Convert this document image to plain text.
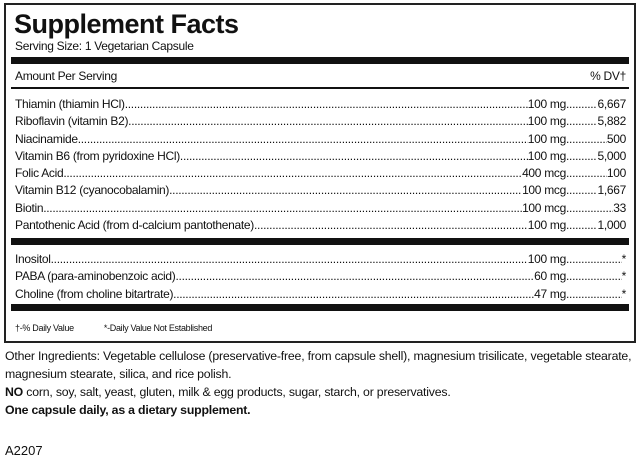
Supplement Facts
Serving Size: 1 Vegetarian Capsule
Amount Per Serving	% DV†
Thiamin (thiamin HCl) .....	100 mg .....	6,667
Riboflavin (vitamin B2) .....	100 mg .....	5,882
Niacinamide .....	100 mg .....	500
Vitamin B6 (from pyridoxine HCl) .....	100 mg .....	5,000
Folic Acid .....	400 mcg .....	100
Vitamin B12 (cyanocobalamin) .....	100 mcg .....	1,667
Biotin .....	100 mcg .....	33
Pantothenic Acid (from d-calcium pantothenate) .....	100 mg .....	1,000
Inositol .....	100 mg .....	*
PABA (para-aminobenzoic acid) .....	60 mg .....	*
Choline (from choline bitartrate) .....	47 mg .....	*
†-% Daily Value	*-Daily Value Not Established
Other Ingredients: Vegetable cellulose (preservative-free, from capsule shell), magnesium trisilicate, vegetable stearate, magnesium stearate, silica, and rice polish.
NO corn, soy, salt, yeast, gluten, milk & egg products, sugar, starch, or preservatives.
One capsule daily, as a dietary supplement.
A2207
